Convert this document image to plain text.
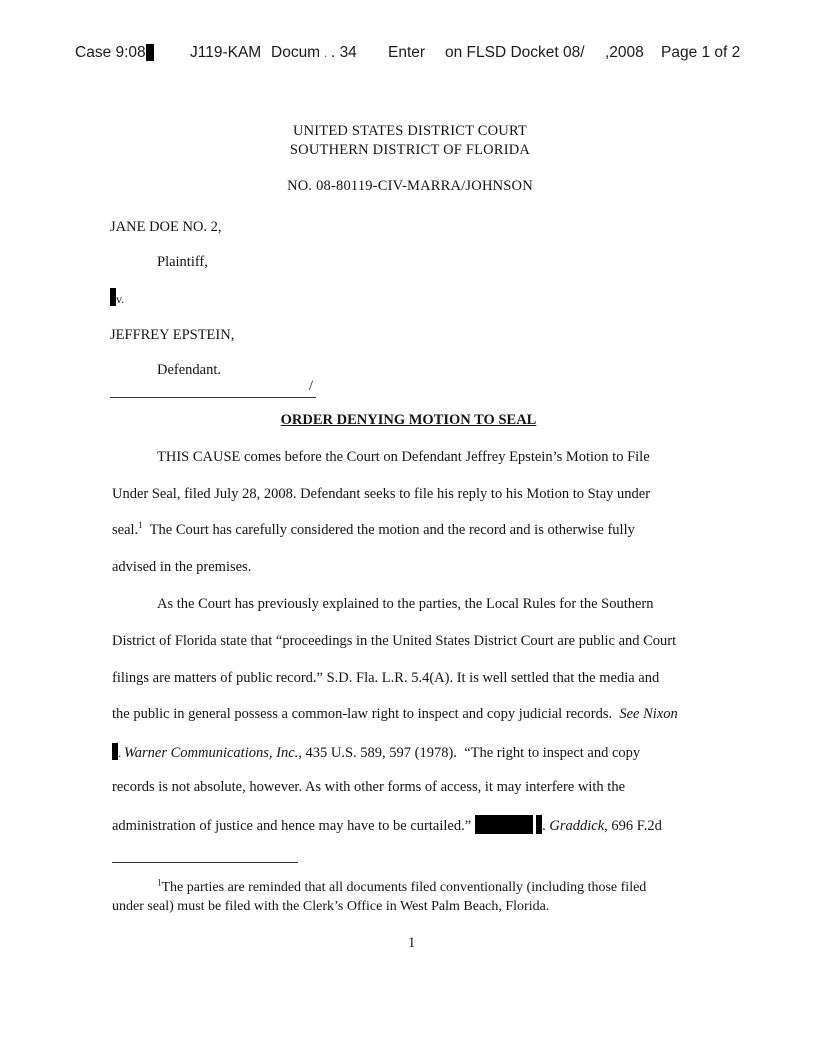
Case 9:08	J119-KAM Docum . . 34 Enter on FLSD Docket 08/ ,2008 Page 1 of 2
UNITED STATES DISTRICT COURT
SOUTHERN DISTRICT OF FLORIDA
NO. 08-80119-CIV-MARRA/JOHNSON
JANE DOE NO. 2,
Plaintiff,
v.
JEFFREY EPSTEIN,
Defendant.
/
ORDER DENYING MOTION TO SEAL
THIS CAUSE comes before the Court on Defendant Jeffrey Epstein’s Motion to File
Under Seal, filed July 28, 2008. Defendant seeks to file his reply to his Motion to Stay under
seal.$^1$  The Court has carefully considered the motion and the record and is otherwise fully
advised in the premises.
As the Court has previously explained to the parties, the Local Rules for the Southern
District of Florida state that “proceedings in the United States District Court are public and Court
filings are matters of public record.” S.D. Fla. L.R. 5.4(A). It is well settled that the media and
the public in general possess a common-law right to inspect and copy judicial records.  See Nixon
. Warner Communications, Inc., 435 U.S. 589, 597 (1978).  “The right to inspect and copy
records is not absolute, however. As with other forms of access, it may interfere with the
administration of justice and hence may have to be curtailed.”	. Graddick, 696 F.2d
$^1$The parties are reminded that all documents filed conventionally (including those filed
under seal) must be filed with the Clerk’s Office in West Palm Beach, Florida.
1
